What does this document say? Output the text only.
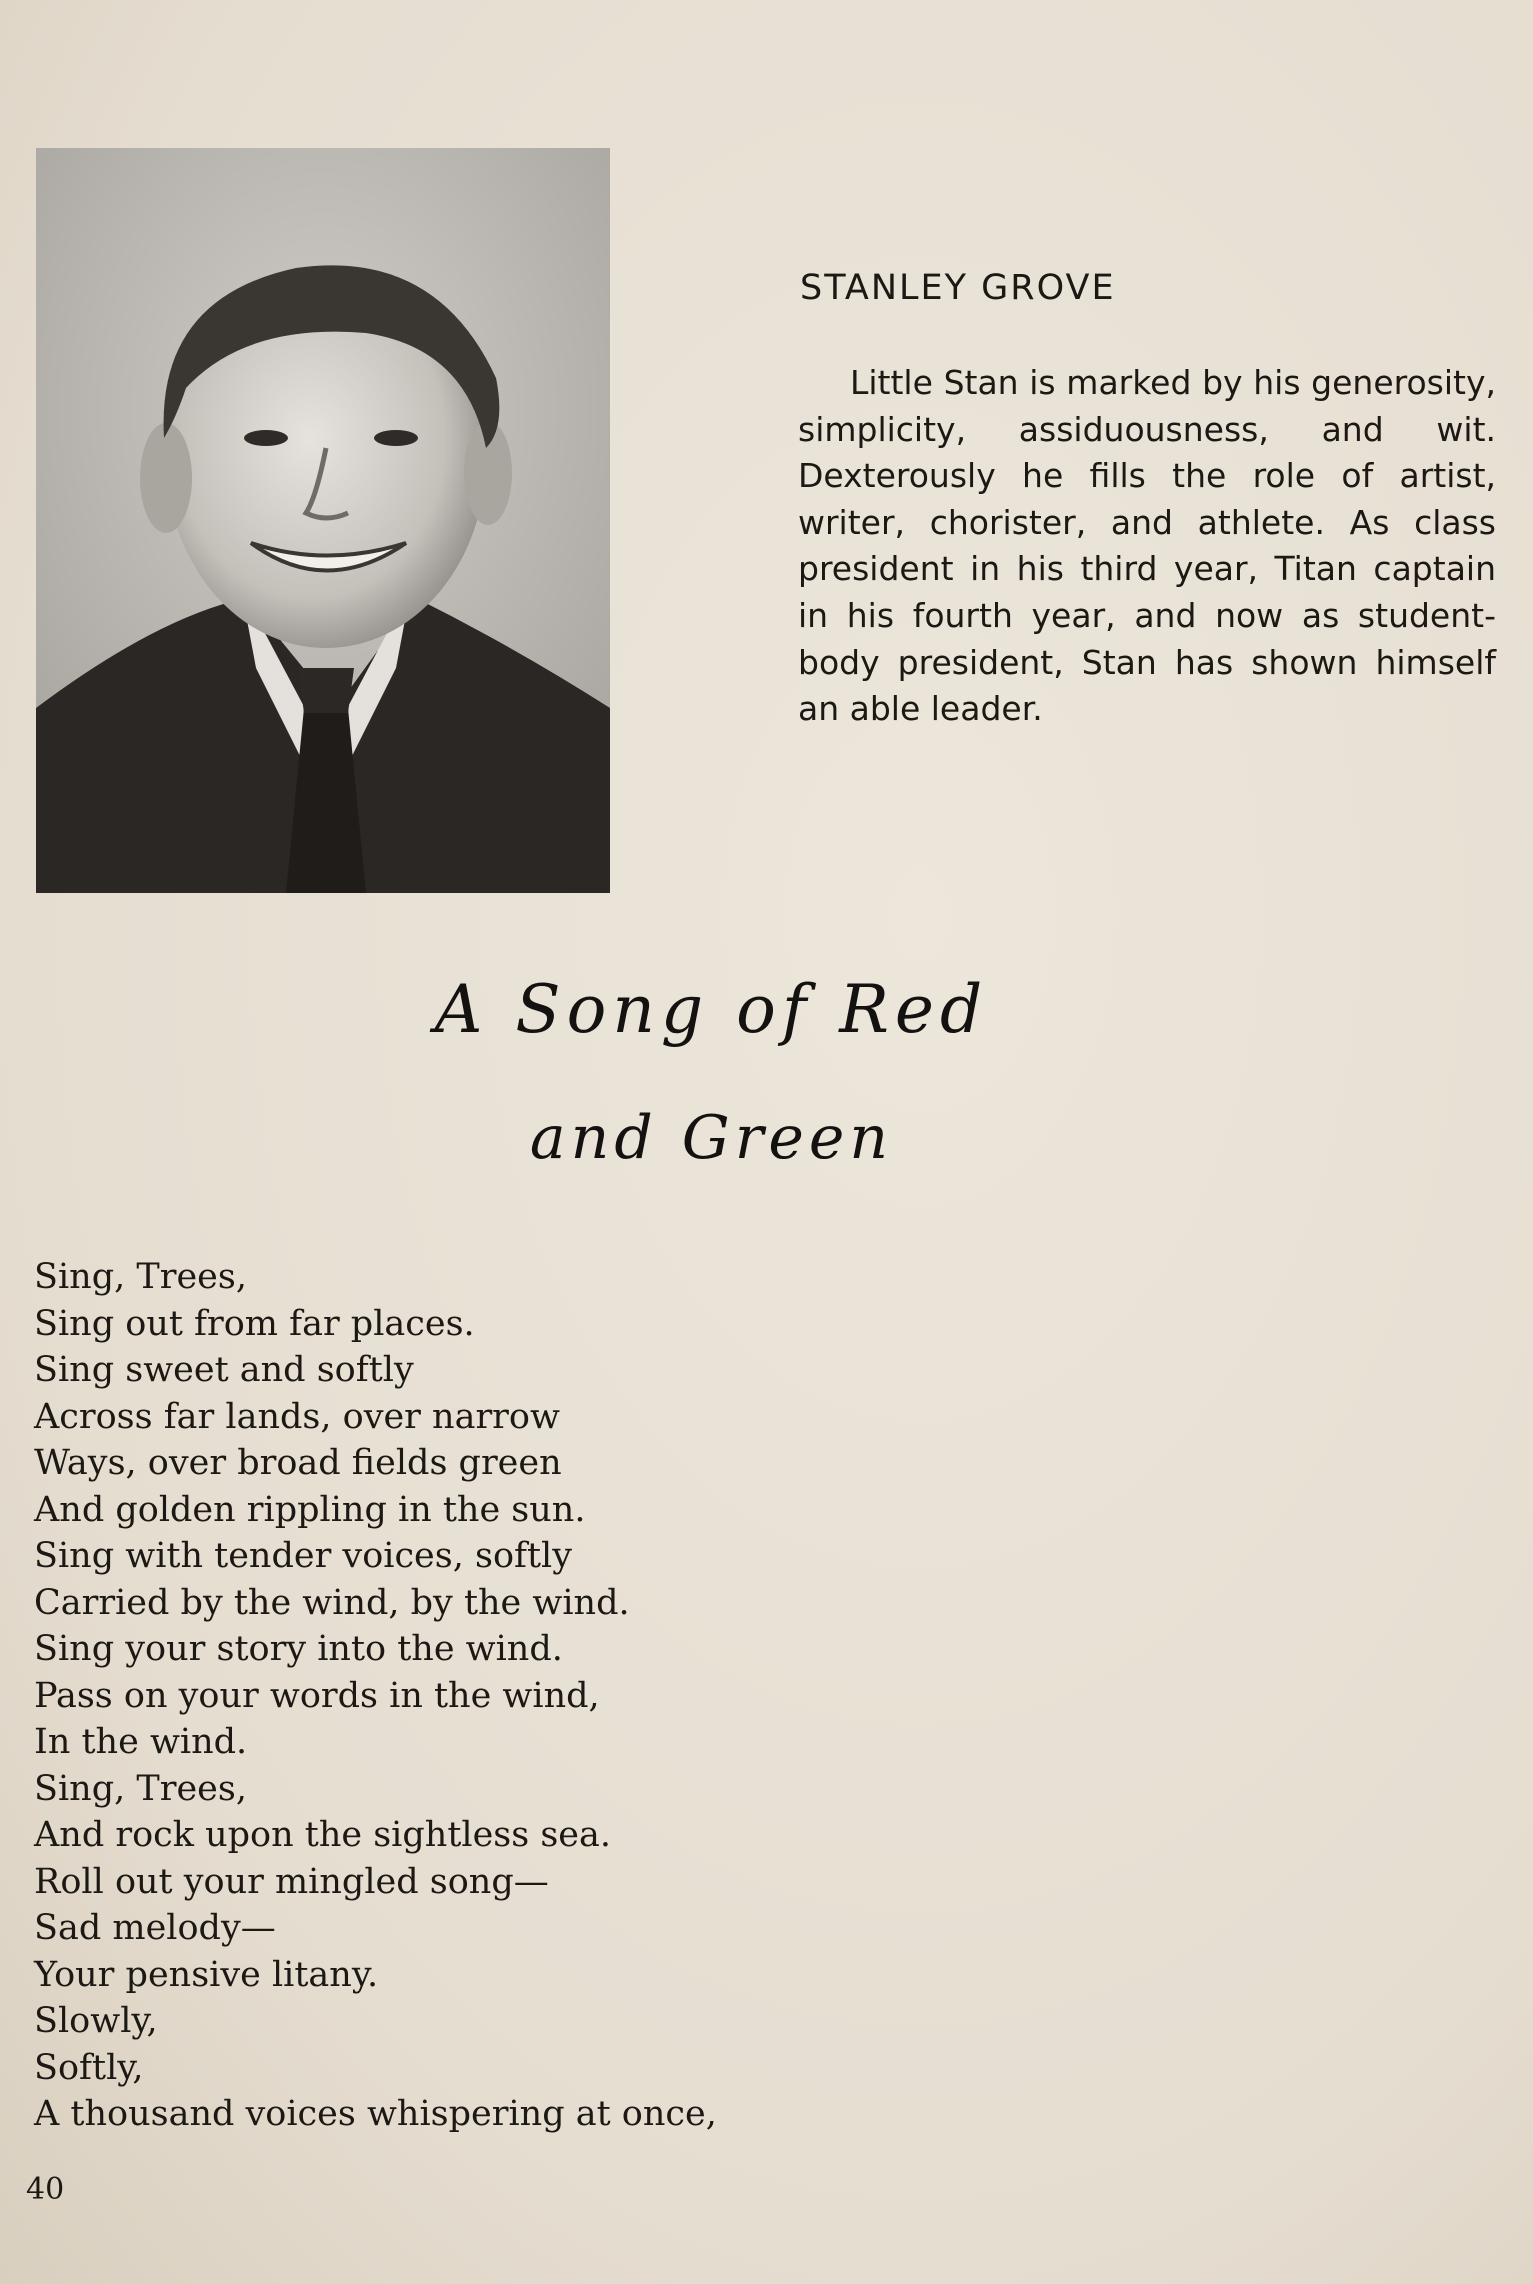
STANLEY GROVE

Little Stan is marked by his generosity, simplicity, assiduousness, and wit. Dexterously he fills the role of artist, writer, chorister, and athlete. As class president in his third year, Titan captain in his fourth year, and now as student-body president, Stan has shown himself an able leader.

A Song of Red
and Green
Sing, Trees,
Sing out from far places.
Sing sweet and softly
Across far lands, over narrow
Ways, over broad fields green
And golden rippling in the sun.
Sing with tender voices, softly
Carried by the wind, by the wind.
Sing your story into the wind.
Pass on your words in the wind,
In the wind.
Sing, Trees,
And rock upon the sightless sea.
Roll out your mingled song—
Sad melody—
Your pensive litany.
Slowly,
Softly,
A thousand voices whispering at once,
40
